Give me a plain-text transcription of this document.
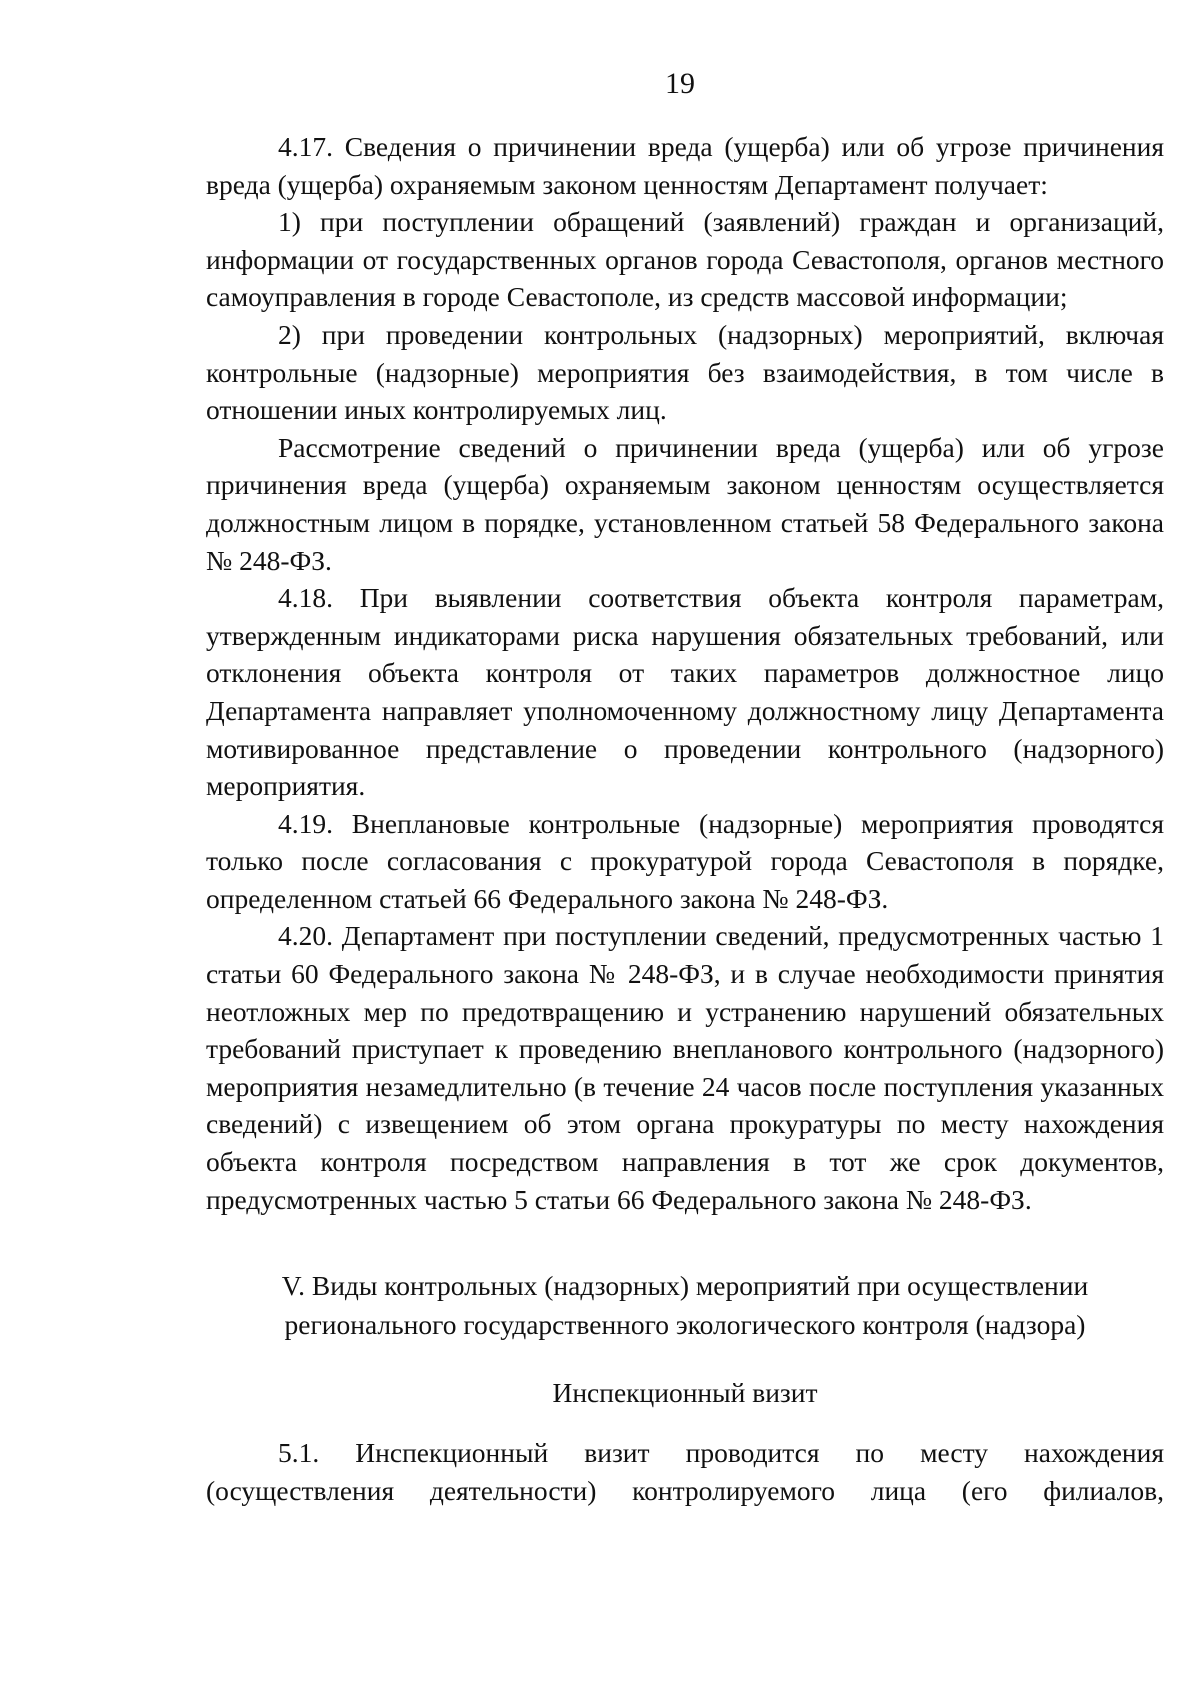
19

4.17. Сведения о причинении вреда (ущерба) или об угрозе причинения вреда (ущерба) охраняемым законом ценностям Департамент получает:

1) при поступлении обращений (заявлений) граждан и организаций, информации от государственных органов города Севастополя, органов местного самоуправления в городе Севастополе, из средств массовой информации;

2) при проведении контрольных (надзорных) мероприятий, включая контрольные (надзорные) мероприятия без взаимодействия, в том числе в отношении иных контролируемых лиц.

Рассмотрение сведений о причинении вреда (ущерба) или об угрозе причинения вреда (ущерба) охраняемым законом ценностям осуществляется должностным лицом в порядке, установленном статьей 58 Федерального закона № 248-ФЗ.

4.18. При выявлении соответствия объекта контроля параметрам, утвержденным индикаторами риска нарушения обязательных требований, или отклонения объекта контроля от таких параметров должностное лицо Департамента направляет уполномоченному должностному лицу Департамента мотивированное представление о проведении контрольного (надзорного) мероприятия.

4.19. Внеплановые контрольные (надзорные) мероприятия проводятся только после согласования с прокуратурой города Севастополя в порядке, определенном статьей 66 Федерального закона № 248-ФЗ.

4.20. Департамент при поступлении сведений, предусмотренных частью 1 статьи 60 Федерального закона № 248-ФЗ, и в случае необходимости принятия неотложных мер по предотвращению и устранению нарушений обязательных требований приступает к проведению внепланового контрольного (надзорного) мероприятия незамедлительно (в течение 24 часов после поступления указанных сведений) с извещением об этом органа прокуратуры по месту нахождения объекта контроля посредством направления в тот же срок документов, предусмотренных частью 5 статьи 66 Федерального закона № 248-ФЗ.

V. Виды контрольных (надзорных) мероприятий при осуществлении
регионального государственного экологического контроля (надзора)
Инспекционный визит

5.1. Инспекционный визит проводится по месту нахождения (осуществления деятельности) контролируемого лица (его филиалов,
